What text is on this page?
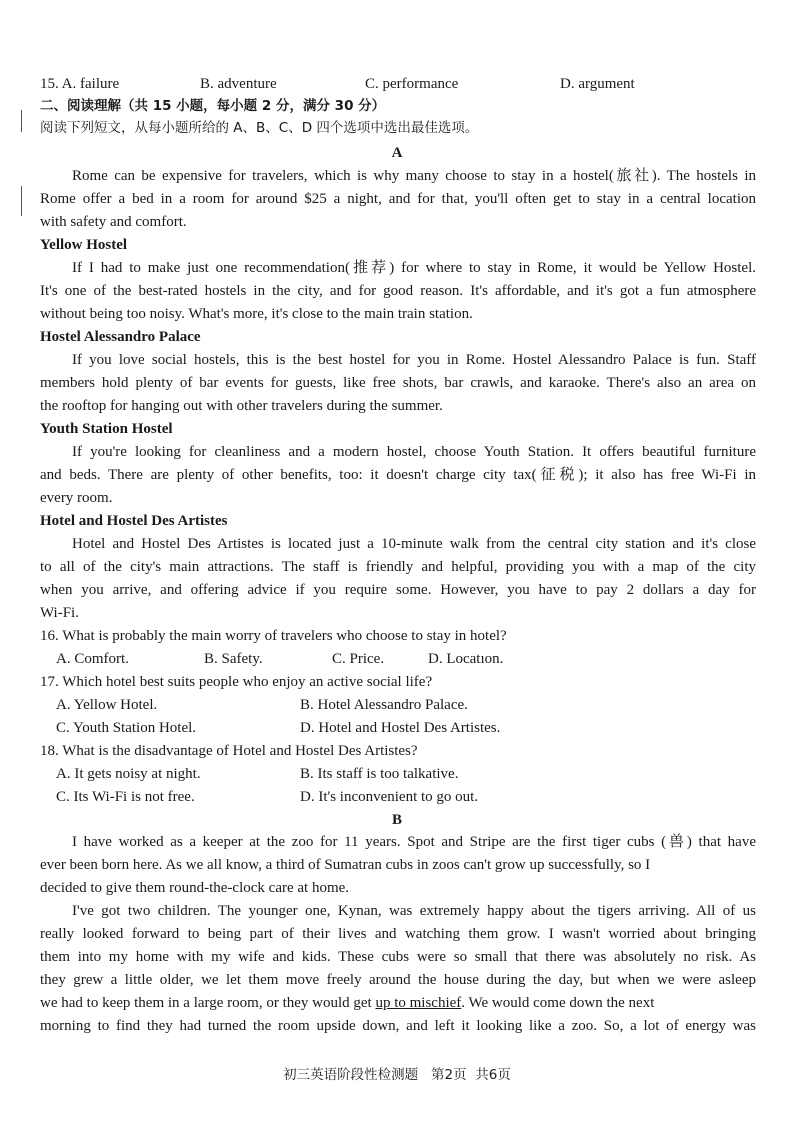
15. A. failure	B. adventure	C. performance	D. argument
二、阅读理解（共 15 小题，每小题 2 分，满分 30 分）
阅读下列短文，从每小题所给的 A、B、C、D 四个选项中选出最佳选项。
A
Rome can be expensive for travelers, which is why many choose to stay in a hostel(旅社). The hostels in
Rome offer a bed in a room for around $25 a night, and for that, you'll often get to stay in a central location
with safety and comfort.
Yellow Hostel
If I had to make just one recommendation(推荐) for where to stay in Rome, it would be Yellow Hostel.
It's one of the best-rated hostels in the city, and for good reason. It's affordable, and it's got a fun atmosphere
without being too noisy. What's more, it's close to the main train station.
Hostel Alessandro Palace
If you love social hostels, this is the best hostel for you in Rome. Hostel Alessandro Palace is fun. Staff
members hold plenty of bar events for guests, like free shots, bar crawls, and karaoke. There's also an area on
the rooftop for hanging out with other travelers during the summer.
Youth Station Hostel
If you're looking for cleanliness and a modern hostel, choose Youth Station. It offers beautiful furniture
and beds. There are plenty of other benefits, too: it doesn't charge city tax(征税); it also has free Wi-Fi in
every room.
Hotel and Hostel Des Artistes
Hotel and Hostel Des Artistes is located just a 10-minute walk from the central city station and it's close
to all of the city's main attractions. The staff is friendly and helpful, providing you with a map of the city
when you arrive, and offering advice if you require some. However, you have to pay 2 dollars a day for
Wi-Fi.
16. What is probably the main worry of travelers who choose to stay in hotel?
A. Comfort.	B. Safety.	C. Price.	D. Locatıon.
17. Which hotel best suits people who enjoy an active social life?
A. Yellow Hotel.	B. Hotel Alessandro Palace.
C. Youth Station Hotel.	D. Hotel and Hostel Des Artistes.
18. What is the disadvantage of Hotel and Hostel Des Artistes?
A. It gets noisy at night.	B. Its staff is too talkative.
C. Its Wi-Fi is not free.	D. It's inconvenient to go out.
B
I have worked as a keeper at the zoo for 11 years. Spot and Stripe are the first tiger cubs (兽) that have
ever been born here. As we all know, a third of Sumatran cubs in zoos can't grow up successfully, so I
decided to give them round-the-clock care at home.
I've got two children. The younger one, Kynan, was extremely happy about the tigers arriving. All of us
really looked forward to being part of their lives and watching them grow. I wasn't worried about bringing
them into my home with my wife and kids. These cubs were so small that there was absolutely no risk. As
they grew a little older, we let them move freely around the house during the day, but when we were asleep
we had to keep them in a large room, or they would get up to mischief. We would come down the next
morning to find they had turned the room upside down, and left it looking like a zoo. So, a lot of energy was
初三英语阶段性检测题 第2页 共6页
